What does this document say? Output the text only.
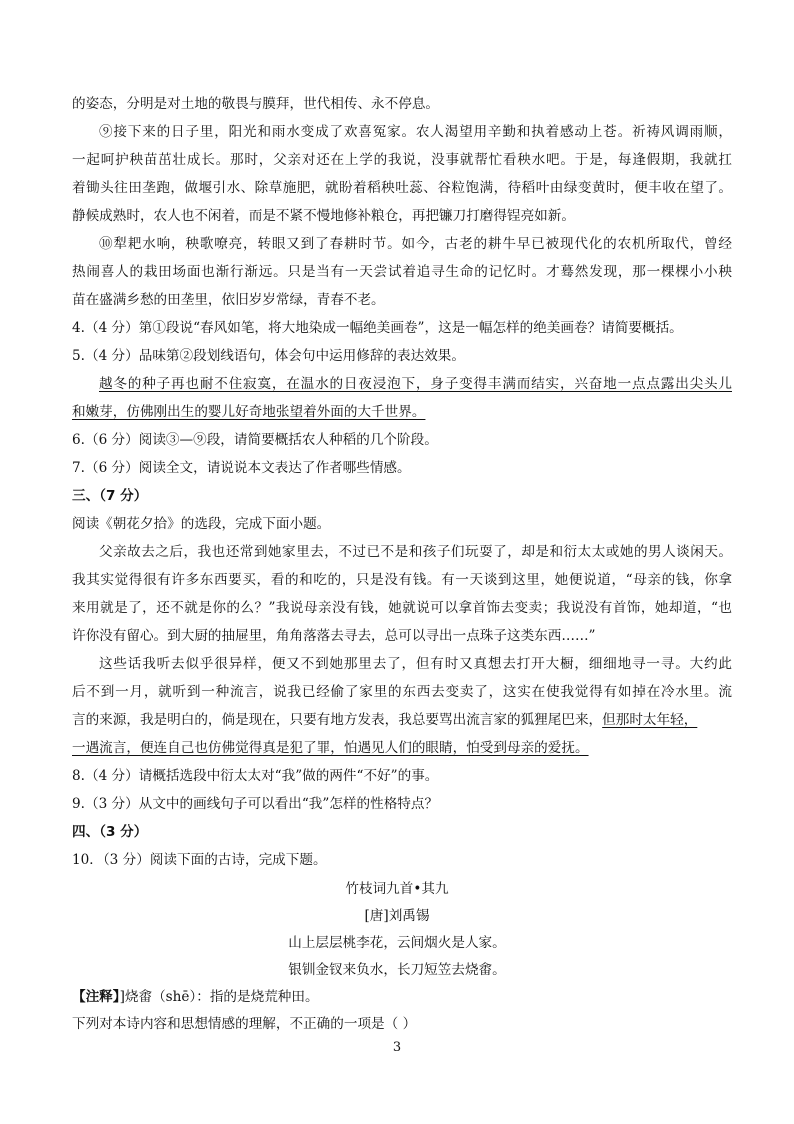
的姿态，分明是对土地的敬畏与膜拜，世代相传、永不停息。
⑨接下来的日子里，阳光和雨水变成了欢喜冤家。农人渴望用辛勤和执着感动上苍。祈祷风调雨顺，
一起呵护秧苗茁壮成长。那时，父亲对还在上学的我说，没事就帮忙看秧水吧。于是，每逢假期，我就扛
着锄头往田垄跑，做堰引水、除草施肥，就盼着稻秧吐蕊、谷粒饱满，待稻叶由绿变黄时，便丰收在望了。
静候成熟时，农人也不闲着，而是不紧不慢地修补粮仓，再把镰刀打磨得锃亮如新。
⑩犁耙水响，秧歌嘹亮，转眼又到了春耕时节。如今，古老的耕牛早已被现代化的农机所取代，曾经
热闹喜人的栽田场面也渐行渐远。只是当有一天尝试着追寻生命的记忆时。才蓦然发现，那一棵棵小小秧
苗在盛满乡愁的田垄里，依旧岁岁常绿，青春不老。
4.（4 分）第①段说“春风如笔，将大地染成一幅绝美画卷”，这是一幅怎样的绝美画卷？请简要概括。
5.（4 分）品味第②段划线语句，体会句中运用修辞的表达效果。
越冬的种子再也耐不住寂寞，在温水的日夜浸泡下，身子变得丰满而结实，兴奋地一点点露出尖头儿
和嫩芽，仿佛刚出生的婴儿好奇地张望着外面的大千世界。
6.（6 分）阅读③—⑨段，请简要概括农人种稻的几个阶段。
7.（6 分）阅读全文，请说说本文表达了作者哪些情感。
三、（7 分）
阅读《朝花夕拾》的选段，完成下面小题。
父亲故去之后，我也还常到她家里去，不过已不是和孩子们玩耍了，却是和衍太太或她的男人谈闲天。
我其实觉得很有许多东西要买，看的和吃的，只是没有钱。有一天谈到这里，她便说道，“母亲的钱，你拿
来用就是了，还不就是你的么？”我说母亲没有钱，她就说可以拿首饰去变卖；我说没有首饰，她却道，“也
许你没有留心。到大厨的抽屉里，角角落落去寻去，总可以寻出一点珠子这类东西……”
这些话我听去似乎很异样，便又不到她那里去了，但有时又真想去打开大橱，细细地寻一寻。大约此
后不到一月，就听到一种流言，说我已经偷了家里的东西去变卖了，这实在使我觉得有如掉在冷水里。流
言的来源，我是明白的，倘是现在，只要有地方发表，我总要骂出流言家的狐狸尾巴来，但那时太年轻，
一遇流言，便连自己也仿佛觉得真是犯了罪，怕遇见人们的眼睛，怕受到母亲的爱抚。
8.（4 分）请概括选段中衍太太对“我”做的两件“不好”的事。
9.（3 分）从文中的画线句子可以看出“我”怎样的性格特点？
四、（3 分）
10．（3 分）阅读下面的古诗，完成下题。
竹枝词九首•其九
[唐]刘禹锡
山上层层桃李花，云间烟火是人家。
银钏金钗来负水，长刀短笠去烧畬。
【注释】]烧畬（shē）：指的是烧荒种田。
下列对本诗内容和思想情感的理解，不正确的一项是（ ）
3
